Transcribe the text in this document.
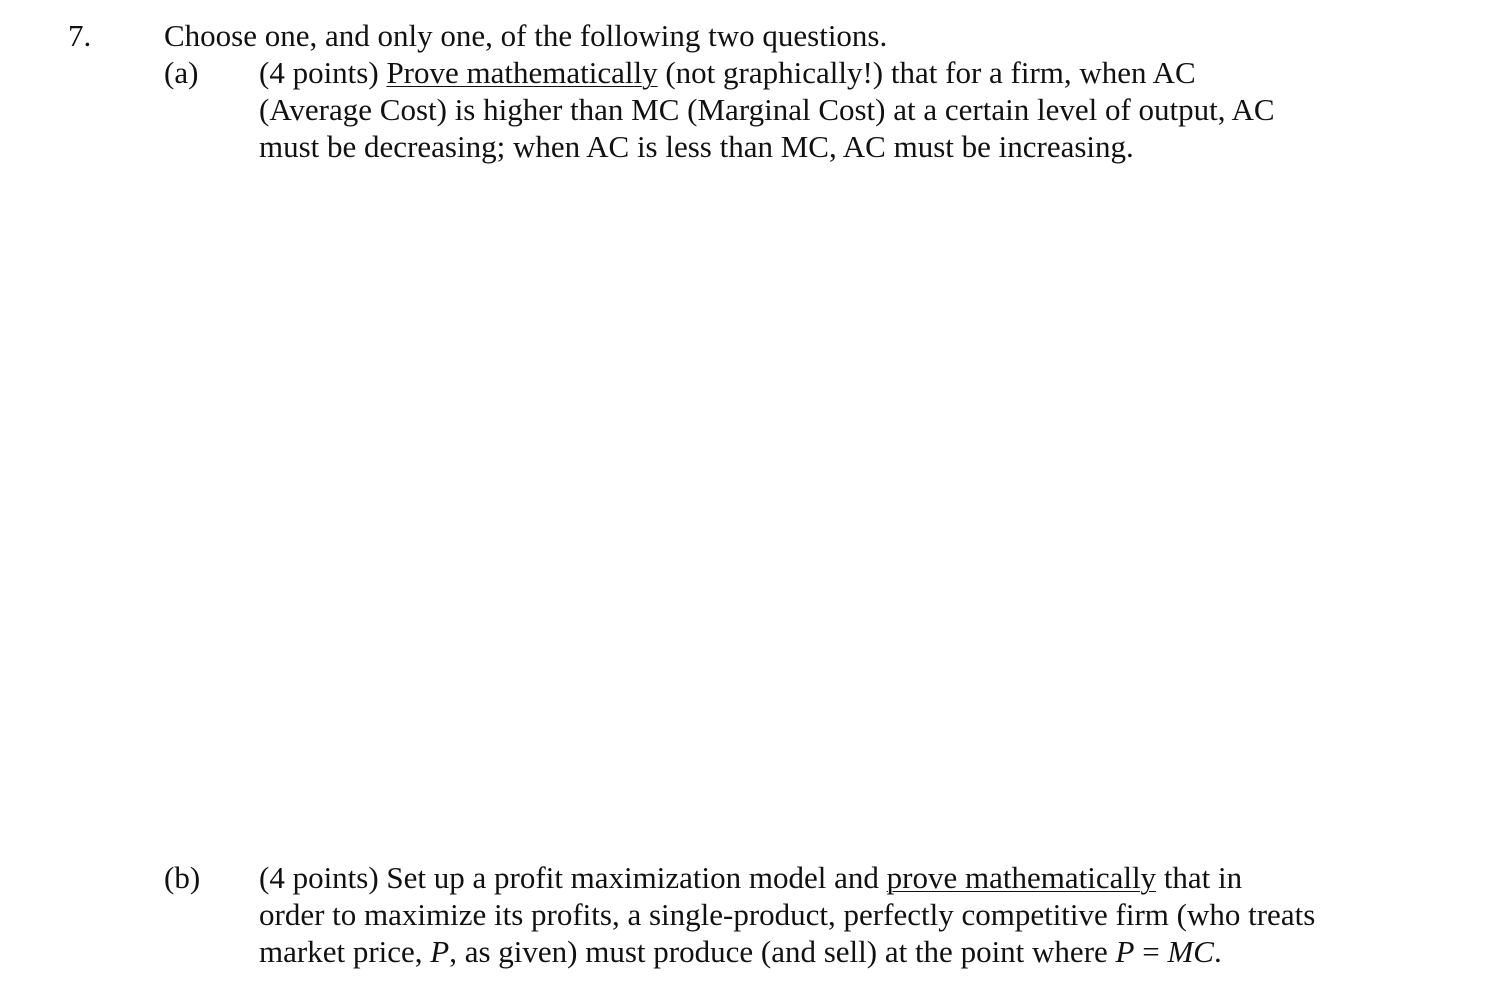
7. Choose one, and only one, of the following two questions.
(a) (4 points) Prove mathematically (not graphically!) that for a firm, when AC
(Average Cost) is higher than MC (Marginal Cost) at a certain level of output, AC
must be decreasing; when AC is less than MC, AC must be increasing.
(b) (4 points) Set up a profit maximization model and prove mathematically that in
order to maximize its profits, a single-product, perfectly competitive firm (who treats
market price, P, as given) must produce (and sell) at the point where P = MC.
